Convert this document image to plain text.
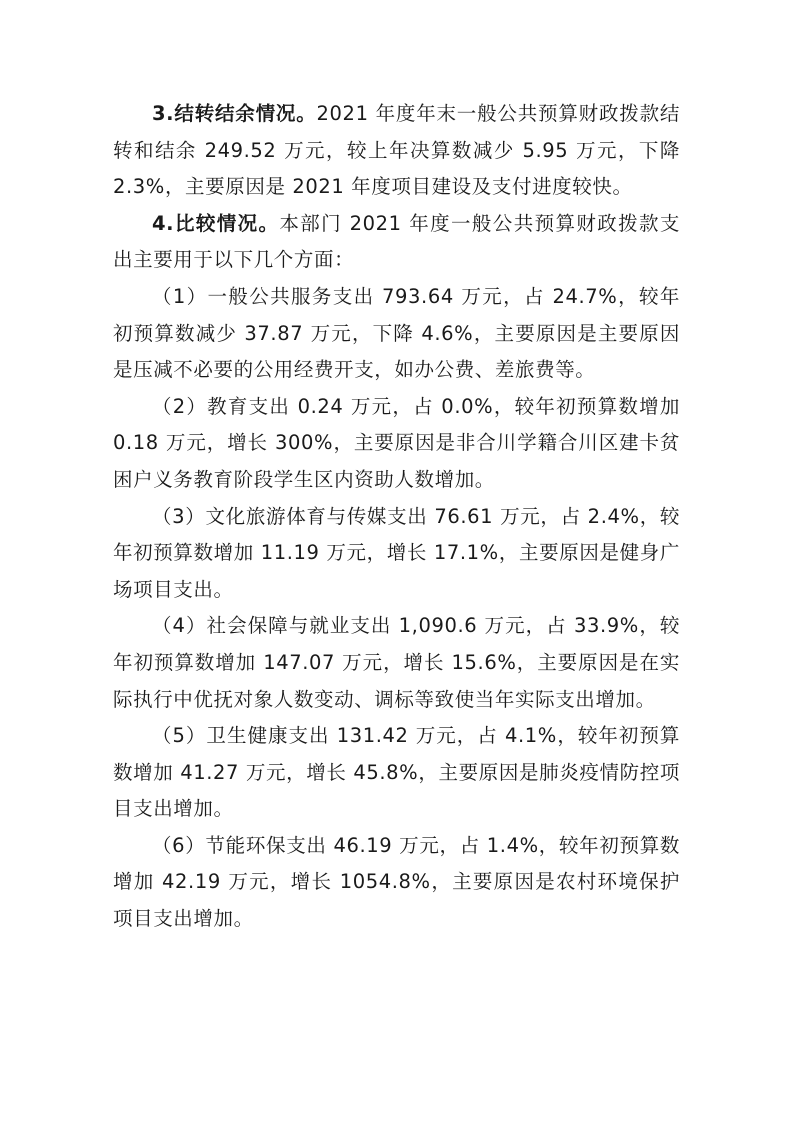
3.结转结余情况。2021 年度年末一般公共预算财政拨款结转和结余 249.52 万元，较上年决算数减少 5.95 万元，下降 2.3%，主要原因是 2021 年度项目建设及支付进度较快。

4.比较情况。本部门 2021 年度一般公共预算财政拨款支出主要用于以下几个方面：

（1）一般公共服务支出 793.64 万元，占 24.7%，较年初预算数减少 37.87 万元，下降 4.6%，主要原因是主要原因是压减不必要的公用经费开支，如办公费、差旅费等。

（2）教育支出 0.24 万元，占 0.0%，较年初预算数增加 0.18 万元，增长 300%，主要原因是非合川学籍合川区建卡贫困户义务教育阶段学生区内资助人数增加。

（3）文化旅游体育与传媒支出 76.61 万元，占 2.4%，较年初预算数增加 11.19 万元，增长 17.1%，主要原因是健身广场项目支出。

（4）社会保障与就业支出 1,090.6 万元，占 33.9%，较年初预算数增加 147.07 万元，增长 15.6%，主要原因是在实际执行中优抚对象人数变动、调标等致使当年实际支出增加。

（5）卫生健康支出 131.42 万元，占 4.1%，较年初预算数增加 41.27 万元，增长 45.8%，主要原因是肺炎疫情防控项目支出增加。

（6）节能环保支出 46.19 万元，占 1.4%，较年初预算数增加 42.19 万元，增长 1054.8%，主要原因是农村环境保护项目支出增加。
